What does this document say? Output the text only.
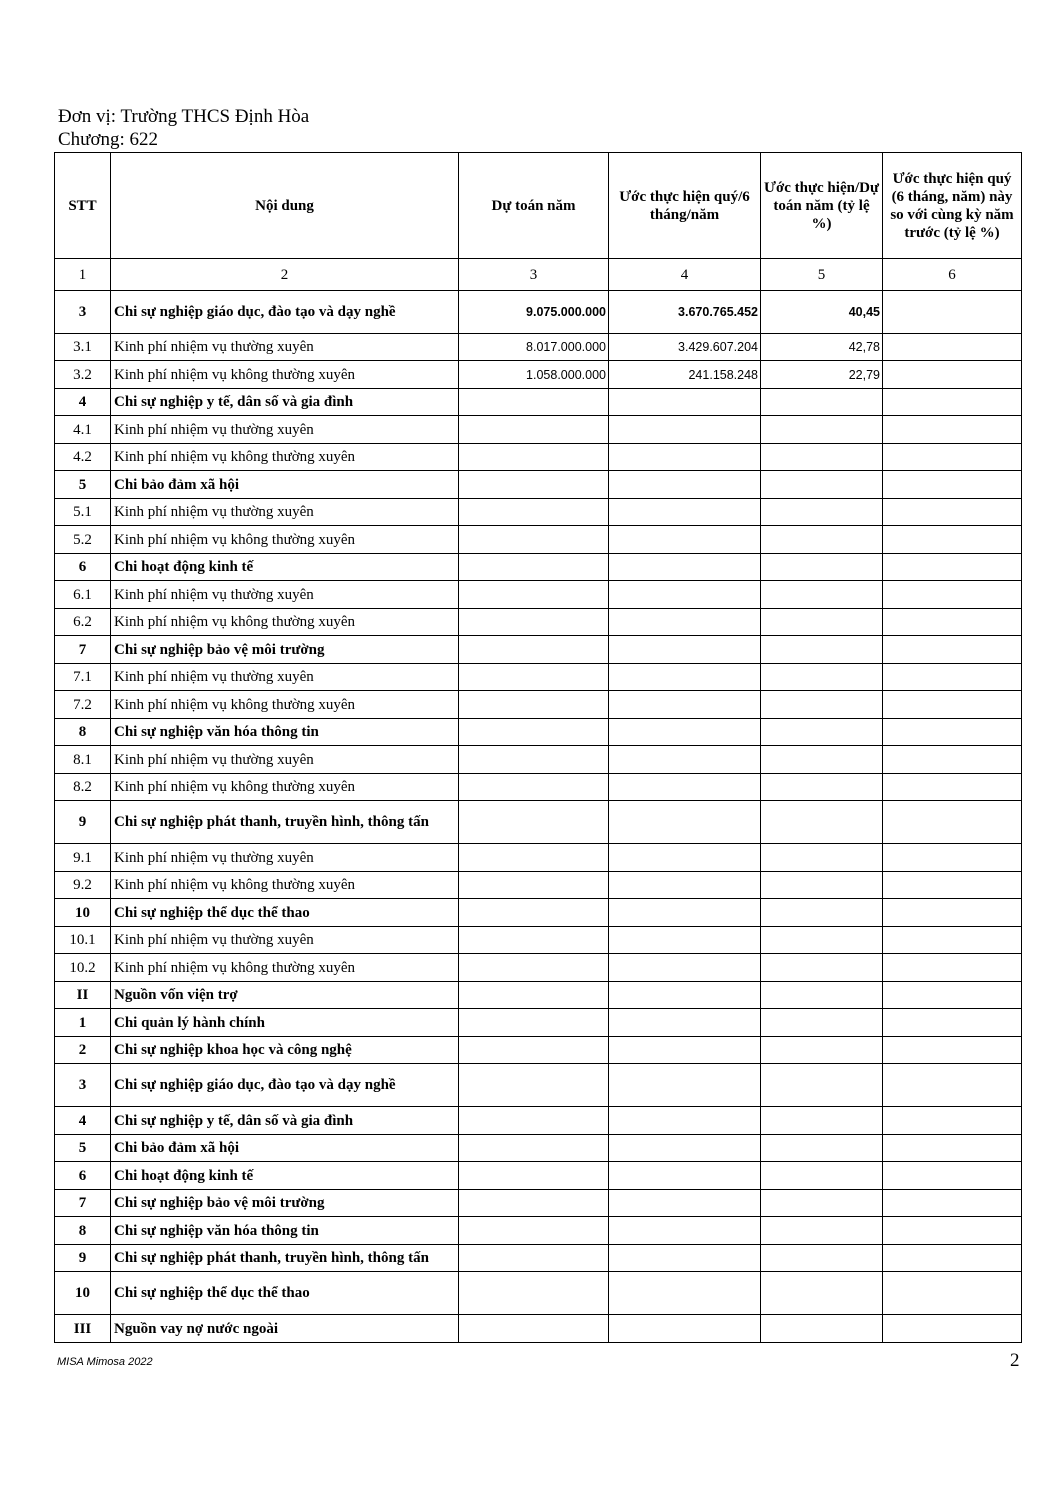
Đơn vị: Trường THCS Định Hòa
Chương: 622
STT	Nội dung	Dự toán năm	Ước thực hiện quý/6 tháng/năm	Ước thực hiện/Dự toán năm (tỷ lệ %)	Ước thực hiện quý (6 tháng, năm) này so với cùng kỳ năm trước (tỷ lệ %)
1	2	3	4	5	6
3	Chi sự nghiệp giáo dục, đào tạo và dạy nghề	9.075.000.000	3.670.765.452	40,45	
3.1	Kinh phí nhiệm vụ thường xuyên	8.017.000.000	3.429.607.204	42,78	
3.2	Kinh phí nhiệm vụ không thường xuyên	1.058.000.000	241.158.248	22,79	
4	Chi sự nghiệp y tế, dân số và gia đình				
4.1	Kinh phí nhiệm vụ thường xuyên				
4.2	Kinh phí nhiệm vụ không thường xuyên				
5	Chi bảo đảm xã hội				
5.1	Kinh phí nhiệm vụ thường xuyên				
5.2	Kinh phí nhiệm vụ không thường xuyên				
6	Chi hoạt động kinh tế				
6.1	Kinh phí nhiệm vụ thường xuyên				
6.2	Kinh phí nhiệm vụ không thường xuyên				
7	Chi sự nghiệp bảo vệ môi trường				
7.1	Kinh phí nhiệm vụ thường xuyên				
7.2	Kinh phí nhiệm vụ không thường xuyên				
8	Chi sự nghiệp văn hóa thông tin				
8.1	Kinh phí nhiệm vụ thường xuyên				
8.2	Kinh phí nhiệm vụ không thường xuyên				
9	Chi sự nghiệp phát thanh, truyền hình, thông tấn				
9.1	Kinh phí nhiệm vụ thường xuyên				
9.2	Kinh phí nhiệm vụ không thường xuyên				
10	Chi sự nghiệp thể dục thể thao				
10.1	Kinh phí nhiệm vụ thường xuyên				
10.2	Kinh phí nhiệm vụ không thường xuyên				
II	Nguồn vốn viện trợ				
1	Chi quản lý hành chính				
2	Chi sự nghiệp khoa học và công nghệ				
3	Chi sự nghiệp giáo dục, đào tạo và dạy nghề				
4	Chi sự nghiệp y tế, dân số và gia đình				
5	Chi bảo đảm xã hội				
6	Chi hoạt động kinh tế				
7	Chi sự nghiệp bảo vệ môi trường				
8	Chi sự nghiệp văn hóa thông tin				
9	Chi sự nghiệp phát thanh, truyền hình, thông tấn				
10	Chi sự nghiệp thể dục thể thao				
III	Nguồn vay nợ nước ngoài				
MISA Mimosa 2022	2
